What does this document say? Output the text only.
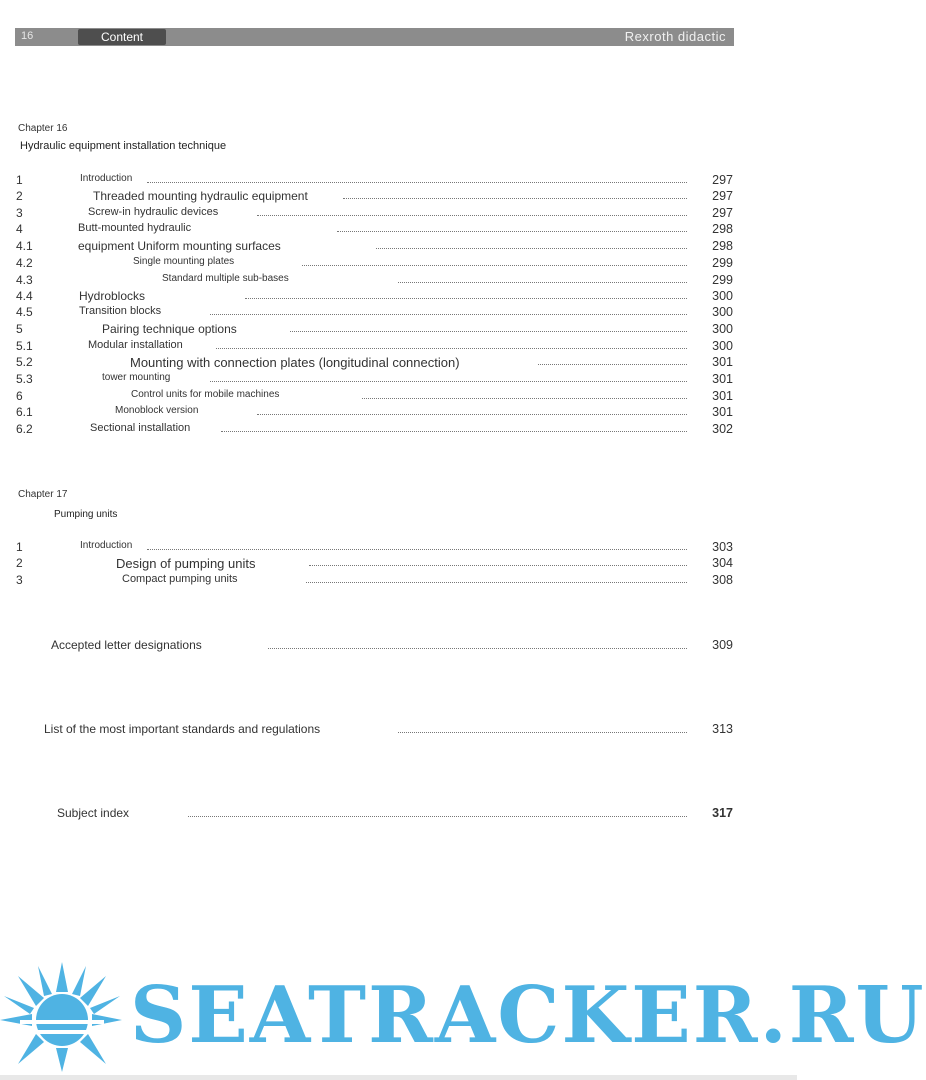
16	Content	Rexroth didactic
Chapter 16
Hydraulic equipment installation technique
1	Introduction	297
2	Threaded mounting hydraulic equipment	297
3	Screw-in hydraulic devices	297
4	Butt-mounted hydraulic	298
4.1	equipment Uniform mounting surfaces	298
4.2	Single mounting plates	299
4.3	Standard multiple sub-bases	299
4.4	Hydroblocks	300
4.5	Transition blocks	300
5	Pairing technique options	300
5.1	Modular installation	300
5.2	Mounting with connection plates (longitudinal connection)	301
5.3	tower mounting	301
6	Control units for mobile machines	301
6.1	Monoblock version	301
6.2	Sectional installation	302
Chapter 17
Pumping units
1	Introduction	303
2	Design of pumping units	304
3	Compact pumping units	308
Accepted letter designations	309
List of the most important standards and regulations	313
Subject index	317
SEATRACKER.RU
